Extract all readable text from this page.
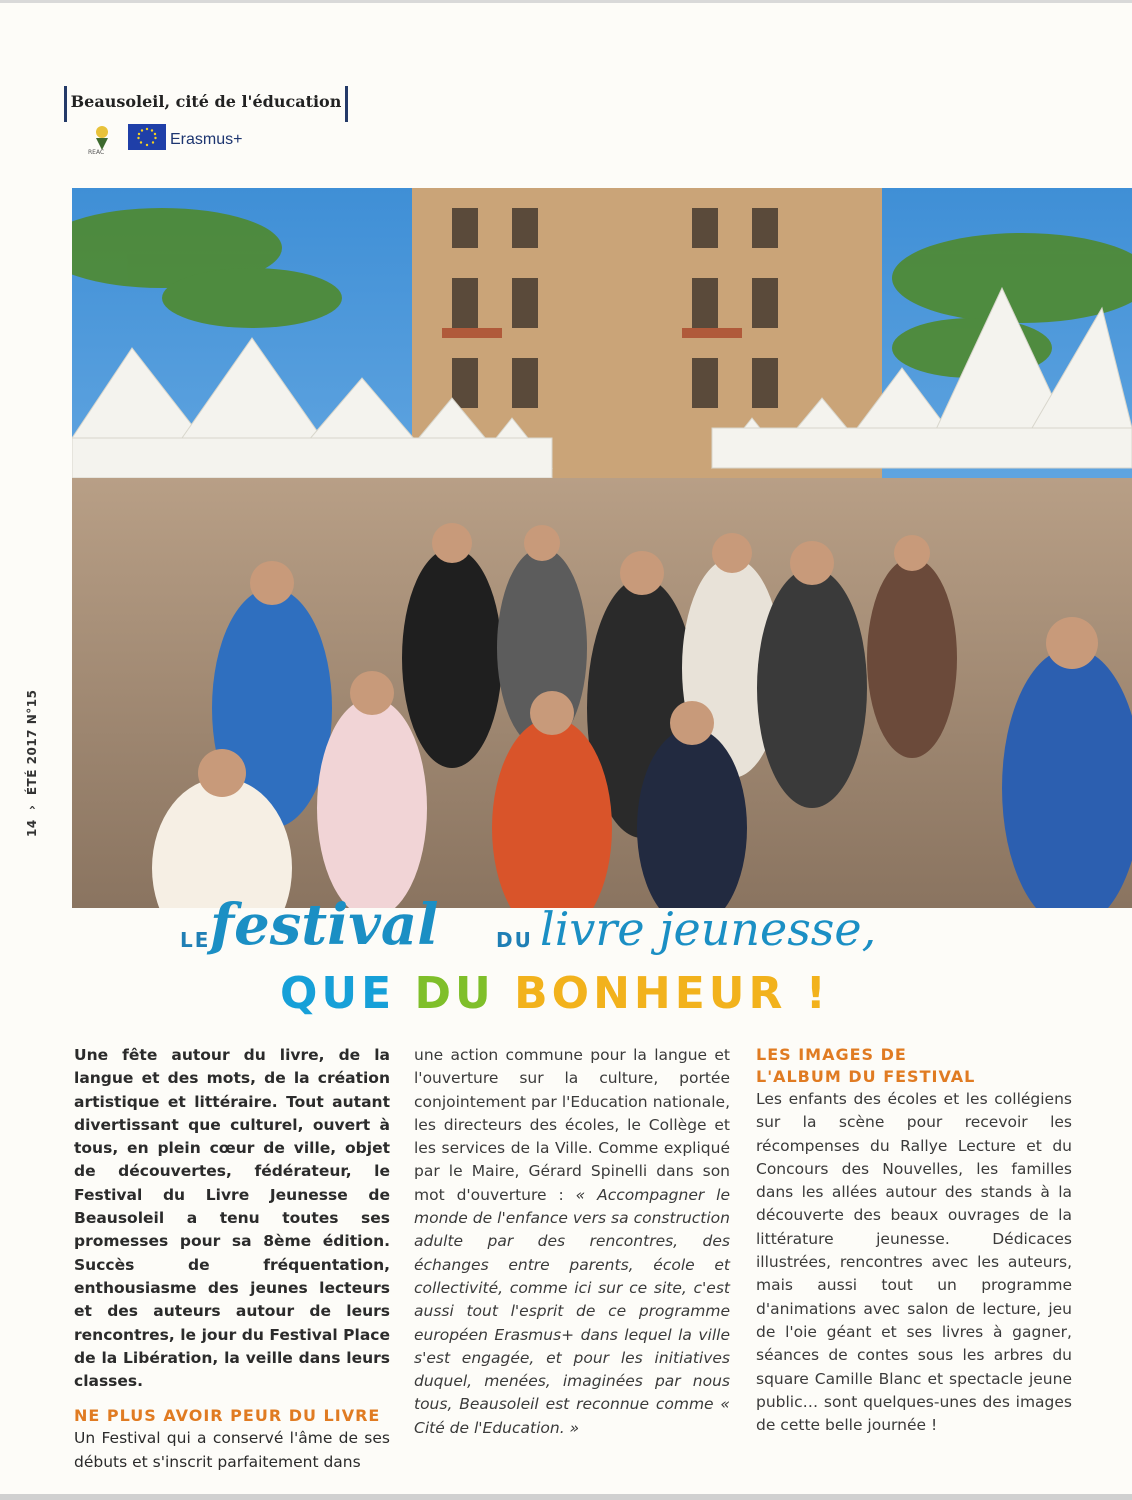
Beausoleil, cité de l'éducation
REAC
Erasmus+
14  ›  ÉTÉ 2017 N°15
LE festival	DU livre jeunesse,
QUE DU BONHEUR !

Une fête autour du livre, de la langue et des mots, de la création artistique et littéraire. Tout autant divertissant que culturel, ouvert à tous, en plein cœur de ville, objet de découvertes, fédérateur, le Festival du Livre Jeunesse de Beausoleil a tenu toutes ses promesses pour sa 8ème édition. Succès de fréquentation, enthousiasme des jeunes lecteurs et des auteurs autour de leurs rencontres, le jour du Festival Place de la Libération, la veille dans leurs classes.

NE PLUS AVOIR PEUR DU LIVRE

Un Festival qui a conservé l'âme de ses débuts et s'inscrit parfaitement dans

une action commune pour la langue et l'ouverture sur la culture, portée conjointement par l'Education nationale, les directeurs des écoles, le Collège et les services de la Ville. Comme expliqué par le Maire, Gérard Spinelli dans son mot d'ouverture : « Accompagner le monde de l'enfance vers sa construction adulte par des rencontres, des échanges entre parents, école et collectivité, comme ici sur ce site, c'est aussi tout l'esprit de ce programme européen Erasmus+ dans lequel la ville s'est engagée, et pour les initiatives duquel, menées, imaginées par nous tous, Beausoleil est reconnue comme « Cité de l'Education. »

LES IMAGES DE
L'ALBUM DU FESTIVAL

Les enfants des écoles et les collégiens sur la scène pour recevoir les récompenses du Rallye Lecture et du Concours des Nouvelles, les familles dans les allées autour des stands à la découverte des beaux ouvrages de la littérature jeunesse. Dédicaces illustrées, rencontres avec les auteurs, mais aussi tout un programme d'animations avec salon de lecture, jeu de l'oie géant et ses livres à gagner, séances de contes sous les arbres du square Camille Blanc et spectacle jeune public… sont quelques-unes des images de cette belle journée !
